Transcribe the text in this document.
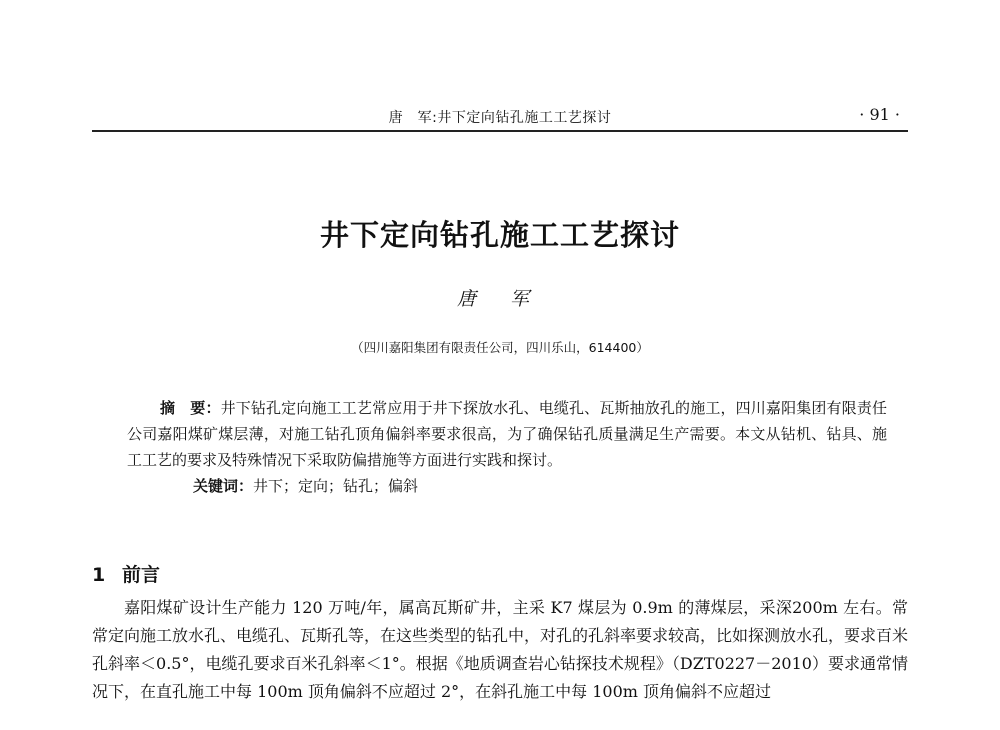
唐　军:井下定向钻孔施工工艺探讨	· 91 ·
井下定向钻孔施工工艺探讨
唐 军
（四川嘉阳集团有限责任公司，四川乐山，614400）

摘　要：井下钻孔定向施工工艺常应用于井下探放水孔、电缆孔、瓦斯抽放孔的施工，四川嘉阳集团有限责任公司嘉阳煤矿煤层薄，对施工钻孔顶角偏斜率要求很高，为了确保钻孔质量满足生产需要。本文从钻机、钻具、施工工艺的要求及特殊情况下采取防偏措施等方面进行实践和探讨。

关键词：井下；定向；钻孔；偏斜

1 前言

嘉阳煤矿设计生产能力 120 万吨/年，属高瓦斯矿井，主采 K7 煤层为 0.9m 的薄煤层，采深200m 左右。常常定向施工放水孔、电缆孔、瓦斯孔等，在这些类型的钻孔中，对孔的孔斜率要求较高，比如探测放水孔，要求百米孔斜率＜0.5°，电缆孔要求百米孔斜率＜1°。根据《地质调查岩心钻探技术规程》（DZT0227－2010）要求通常情况下，在直孔施工中每 100m 顶角偏斜不应超过 2°，在斜孔施工中每 100m 顶角偏斜不应超过
